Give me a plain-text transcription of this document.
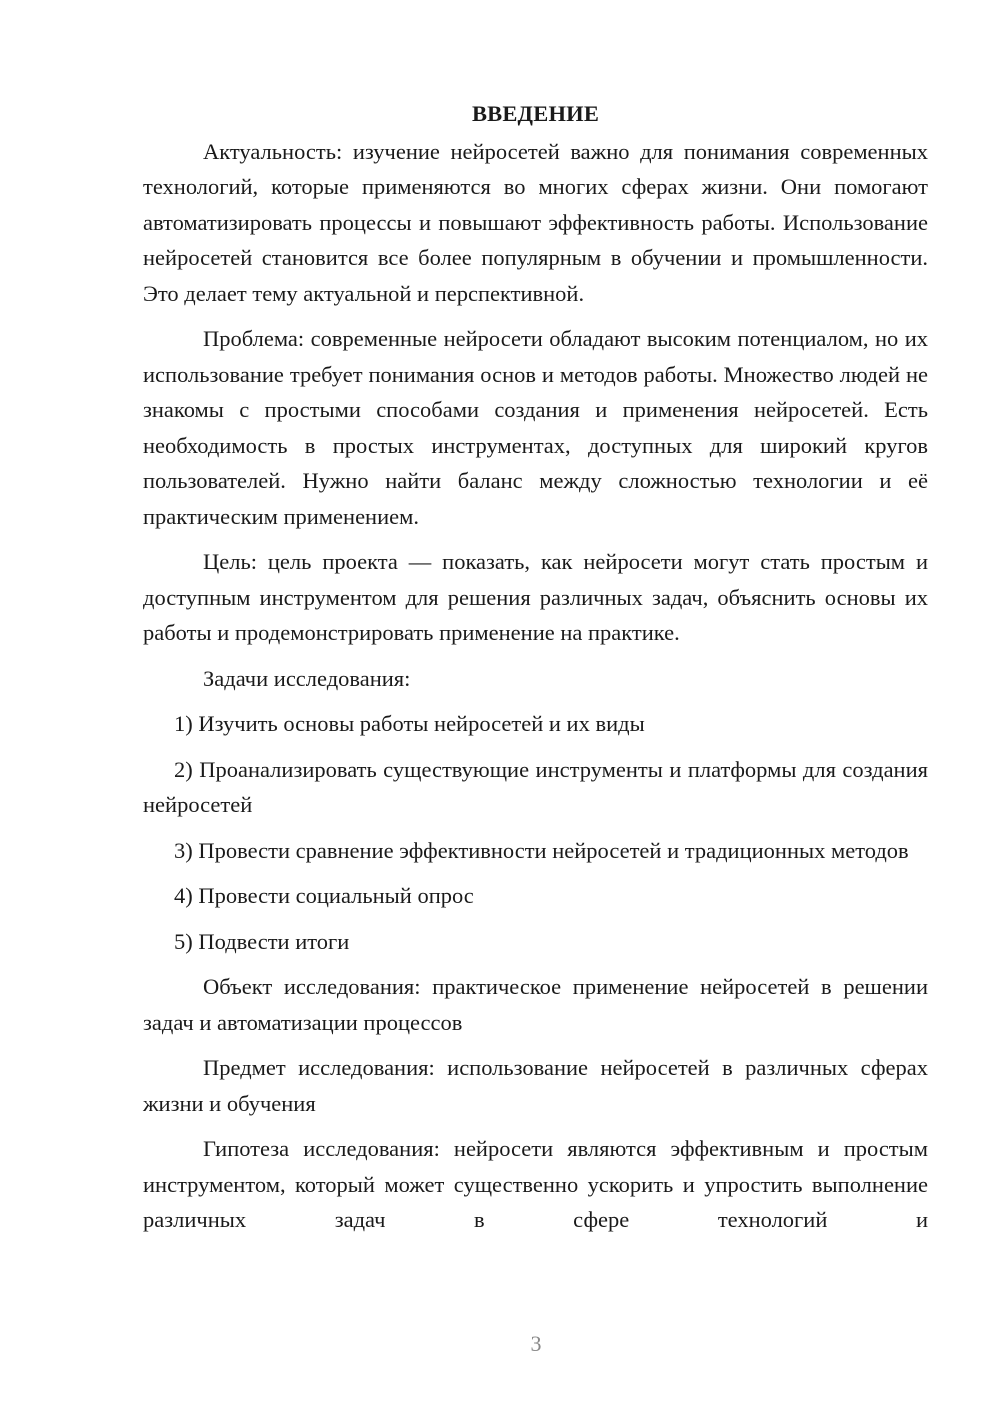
ВВЕДЕНИЕ

Актуальность: изучение нейросетей важно для понимания современных технологий, которые применяются во многих сферах жизни. Они помогают автоматизировать процессы и повышают эффективность работы. Использование нейросетей становится все более популярным в обучении и промышленности. Это делает тему актуальной и перспективной.

Проблема: современные нейросети обладают высоким потенциалом, но их использование требует понимания основ и методов работы. Множество людей не знакомы с простыми способами создания и применения нейросетей. Есть необходимость в простых инструментах, доступных для широкий кругов пользователей. Нужно найти баланс между сложностью технологии и её практическим применением.

Цель: цель проекта — показать, как нейросети могут стать простым и доступным инструментом для решения различных задач, объяснить основы их работы и продемонстрировать применение на практике.

Задачи исследования:

1) Изучить основы работы нейросетей и их виды

2) Проанализировать существующие инструменты и платформы для создания нейросетей

3) Провести сравнение эффективности нейросетей и традиционных методов

4) Провести социальный опрос

5) Подвести итоги

Объект исследования: практическое применение нейросетей в решении задач и автоматизации процессов

Предмет исследования: использование нейросетей в различных сферах жизни и обучения

Гипотеза исследования: нейросети являются эффективным и простым инструментом, который может существенно ускорить и упростить выполнение различных задач в сфере технологий и

3
